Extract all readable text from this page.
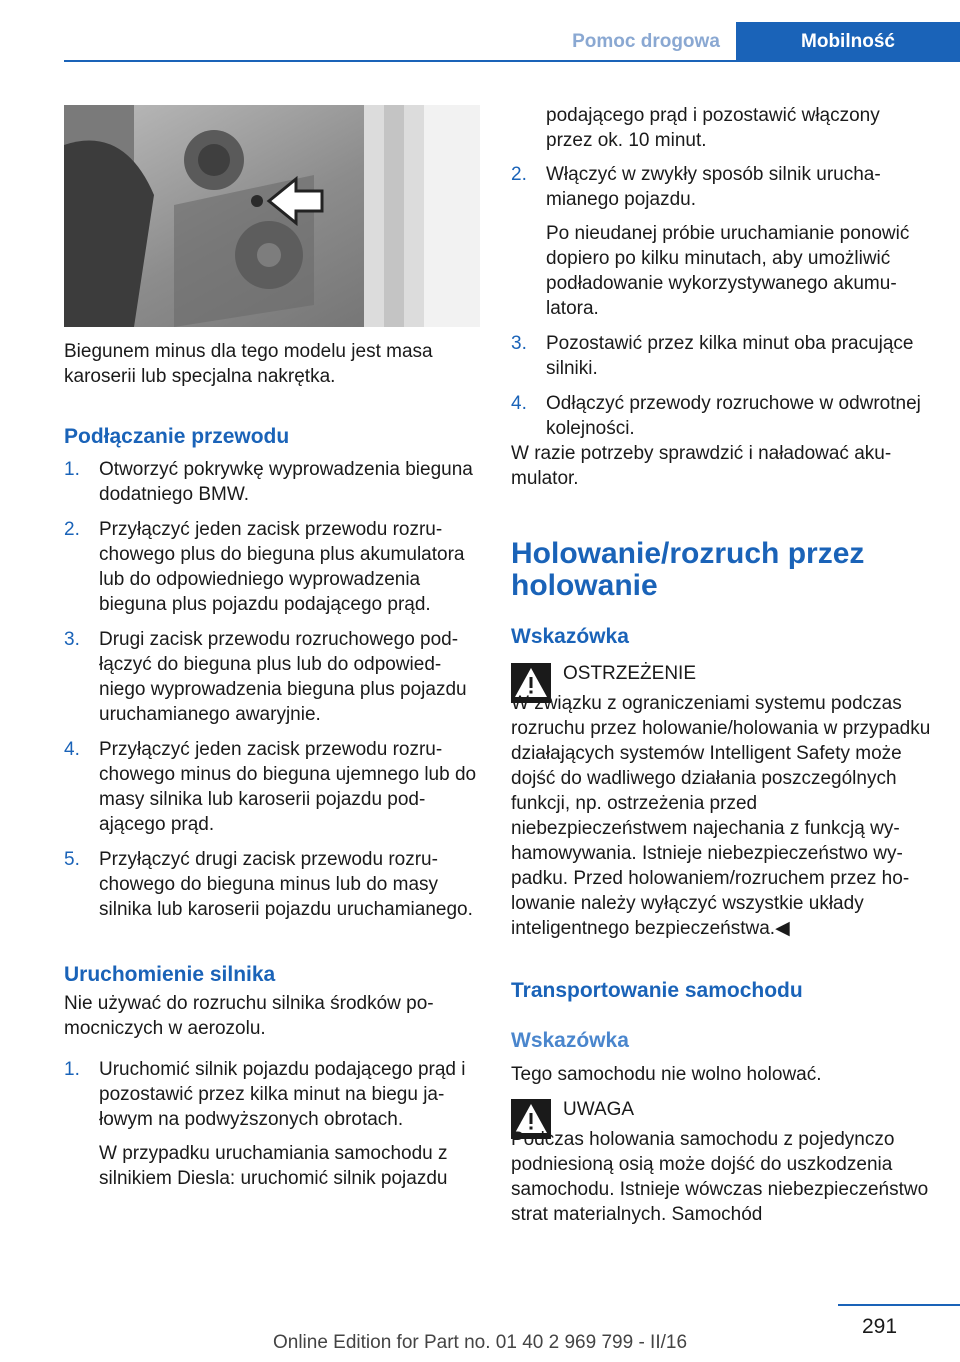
Pomoc drogowa	Mobilność

Biegunem minus dla tego modelu jest masa karoserii lub specjalna nakrętka.

Podłączanie przewodu

1. Otworzyć pokrywkę wyprowadzenia bieguna dodatniego BMW.
2. Przyłączyć jeden zacisk przewodu rozruchowego plus do bieguna plus akumulatora lub do odpowiedniego wyprowadzenia bieguna plus pojazdu podającego prąd.
3. Drugi zacisk przewodu rozruchowego podłączyć do bieguna plus lub do odpowiedniego wyprowadzenia bieguna plus pojazdu uruchamianego awaryjnie.
4. Przyłączyć jeden zacisk przewodu rozruchowego minus do bieguna ujemnego lub do masy silnika lub karoserii pojazdu podającego prąd.
5. Przyłączyć drugi zacisk przewodu rozruchowego do bieguna minus lub do masy silnika lub karoserii pojazdu uruchamianego.

Uruchomienie silnika

Nie używać do rozruchu silnika środków pomocniczych w aerozolu.

1. Uruchomić silnik pojazdu podającego prąd i pozostawić przez kilka minut na biegu jałowym na podwyższonych obrotach.

W przypadku uruchamiania samochodu z silnikiem Diesla: uruchomić silnik pojazdu

podającego prąd i pozostawić włączony przez ok. 10 minut.

2. Włączyć w zwykły sposób silnik uruchamianego pojazdu.

Po nieudanej próbie uruchamianie ponowić dopiero po kilku minutach, aby umożliwić podładowanie wykorzystywanego akumulatora.

3. Pozostawić przez kilka minut oba pracujące silniki.
4. Odłączyć przewody rozruchowe w odwrotnej kolejności.

W razie potrzeby sprawdzić i naładować akumulator.

Holowanie/rozruch przez holowanie

Wskazówka

OSTRZEŻENIE

W związku z ograniczeniami systemu podczas rozruchu przez holowanie/holowania w przypadku działających systemów Intelligent Safety może dojść do wadliwego działania poszczególnych funkcji, np. ostrzeżenia przed niebezpieczeństwem najechania z funkcją wyhamowywania. Istnieje niebezpieczeństwo wypadku. Przed holowaniem/rozruchem przez holowanie należy wyłączyć wszystkie układy inteligentnego bezpieczeństwa.◀

Transportowanie samochodu

Wskazówka

Tego samochodu nie wolno holować.

UWAGA

Podczas holowania samochodu z pojedynczo podniesioną osią może dojść do uszkodzenia samochodu. Istnieje wówczas niebezpieczeństwo strat materialnych. Samochód

291
Online Edition for Part no. 01 40 2 969 799 - II/16
